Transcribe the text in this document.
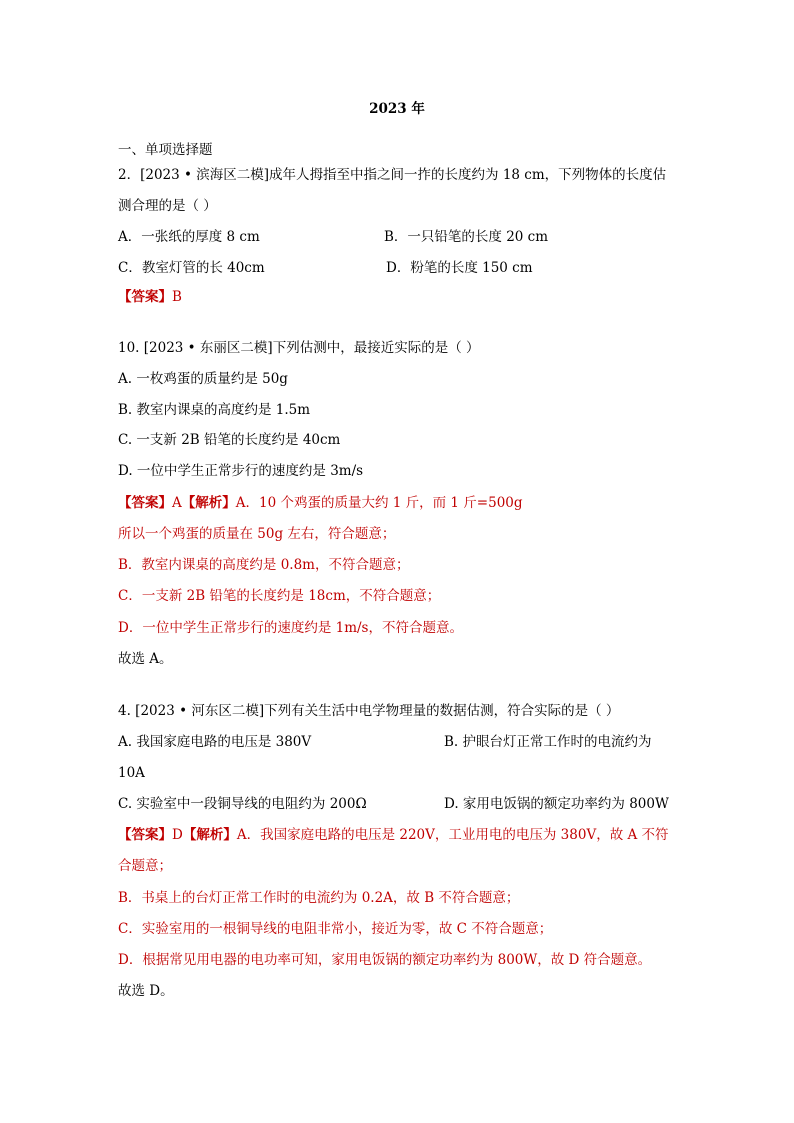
2023 年
一、单项选择题
2．[2023 • 滨海区二模]成年人拇指至中指之间一拃的长度约为 18 cm，下列物体的长度估
测合理的是（ ）
A．一张纸的厚度 8 cm	B．一只铅笔的长度 20 cm
C．教室灯管的长 40cm	D．粉笔的长度 150 cm
【答案】B
10. [2023 • 东丽区二模]下列估测中，最接近实际的是（ ）
A. 一枚鸡蛋的质量约是 50g
B. 教室内课桌的高度约是 1.5m
C. 一支新 2B 铅笔的长度约是 40cm
D. 一位中学生正常步行的速度约是 3m/s
【答案】A【解析】A．10 个鸡蛋的质量大约 1 斤，而 1 斤=500g
所以一个鸡蛋的质量在 50g 左右，符合题意；
B．教室内课桌的高度约是 0.8m，不符合题意；
C．一支新 2B 铅笔的长度约是 18cm，不符合题意；
D．一位中学生正常步行的速度约是 1m/s，不符合题意。
故选 A。
4. [2023 • 河东区二模]下列有关生活中电学物理量的数据估测，符合实际的是（ ）
A. 我国家庭电路的电压是 380V	B. 护眼台灯正常工作时的电流约为
10A
C. 实验室中一段铜导线的电阻约为 200Ω	D. 家用电饭锅的额定功率约为 800W
【答案】D【解析】A．我国家庭电路的电压是 220V，工业用电的电压为 380V，故 A 不符
合题意；
B．书桌上的台灯正常工作时的电流约为 0.2A，故 B 不符合题意；
C．实验室用的一根铜导线的电阻非常小，接近为零，故 C 不符合题意；
D．根据常见用电器的电功率可知，家用电饭锅的额定功率约为 800W，故 D 符合题意。
故选 D。
